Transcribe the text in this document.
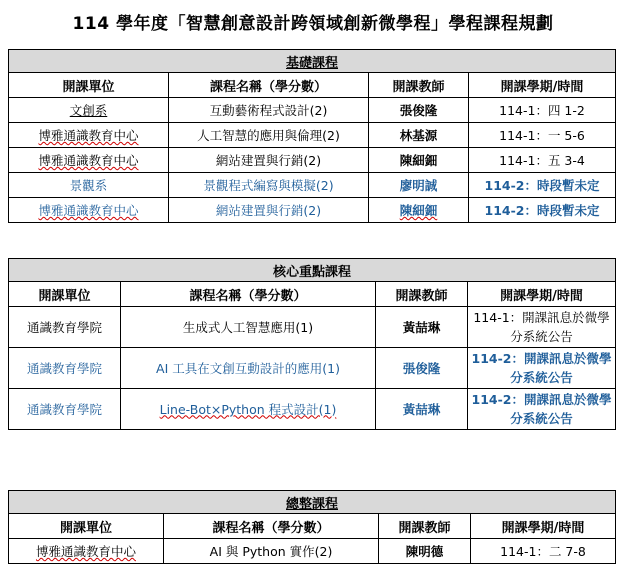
114 學年度「智慧創意設計跨領域創新微學程」學程課程規劃
基礎課程			
開課單位	課程名稱（學分數）	開課教師	開課學期/時間
文創系	互動藝術程式設計(2)	張俊隆	114-1：四 1-2
博雅通識教育中心	人工智慧的應用與倫理(2)	林基源	114-1：一 5-6
博雅通識教育中心	網站建置與行銷(2)	陳細鈿	114-1：五 3-4
景觀系	景觀程式編寫與模擬(2)	廖明誠	114-2：時段暫未定
博雅通識教育中心	網站建置與行銷(2)	陳細鈿	114-2：時段暫未定
核心重點課程			
開課單位	課程名稱（學分數）	開課教師	開課學期/時間
通識教育學院	生成式人工智慧應用(1)	黃喆琳	114-1：開課訊息於微學分系統公告
通識教育學院	AI 工具在文創互動設計的應用(1)	張俊隆	114-2：開課訊息於微學分系統公告
通識教育學院	Line-Bot×Python 程式設計(1)	黃喆琳	114-2：開課訊息於微學分系統公告
總整課程			
開課單位	課程名稱（學分數）	開課教師	開課學期/時間
博雅通識教育中心	AI 與 Python 實作(2)	陳明德	114-1：二 7-8
